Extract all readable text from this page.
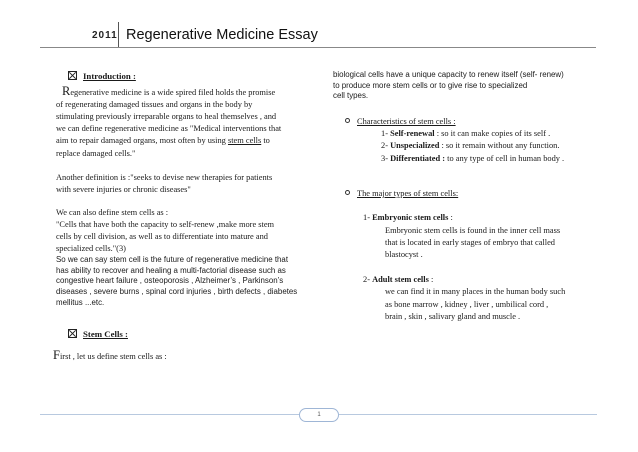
2011 Regenerative Medicine Essay
Introduction :
Regenerative medicine is a wide spired filed holds the promise
of regenerating damaged tissues and organs in the body by
stimulating previously irreparable organs to heal themselves , and
we can define regenerative medicine as "Medical interventions that
aim to repair damaged organs, most often by using stem cells to
replace damaged cells."
Another definition is :"seeks to devise new therapies for patients
with severe injuries or chronic diseases"
We can also define stem cells as :
"Cells that have both the capacity to self-renew ,make more stem
cells by cell division, as well as to differentiate into mature and
specialized cells."(3)
So we can say stem cell is the future of regenerative medicine that
has ability to recover and healing a multi-factorial disease such as
congestive heart failure , osteoporosis , Alzheimer’s , Parkinson’s
diseases , severe burns , spinal cord injuries , birth defects , diabetes
mellitus ...etc.
Stem Cells :
First , let us define stem cells as :
biological cells have a unique capacity to renew itself (self- renew)
to produce more stem cells or to give rise to specialized
cell types.
Characteristics of stem cells :
1- Self-renewal : so it can make copies of its self .
2- Unspecialized : so it remain without any function.
3- Differentiated : to any type of cell in human body .
The major types of stem cells:
1- Embryonic stem cells :
Embryonic stem cells is found in the inner cell mass
that is located in early stages of embryo that called
blastocyst .
2- Adult stem cells :
we can find it in many places in the human body such
as bone marrow , kidney , liver , umbilical cord ,
brain , skin , salivary gland and muscle .
1
